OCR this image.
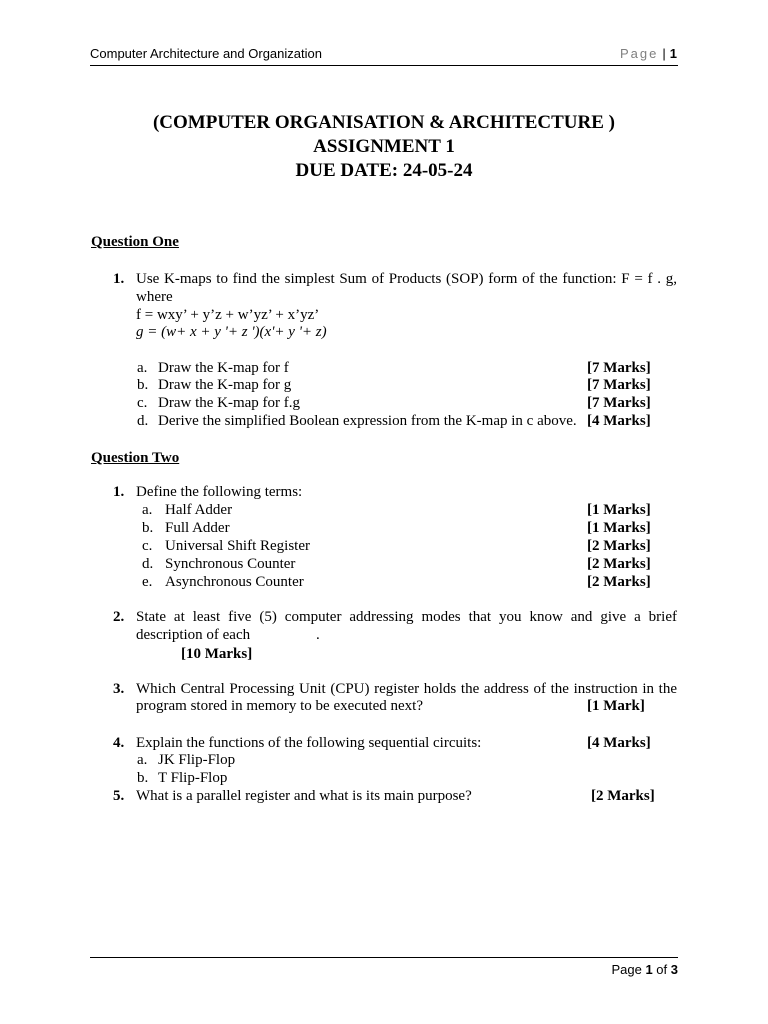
Computer Architecture and Organization	Page | 1
(COMPUTER ORGANISATION & ARCHITECTURE )
ASSIGNMENT 1
DUE DATE: 24-05-24
Question One
1. Use K-maps to find the simplest Sum of Products (SOP) form of the function: F = f . g,
where
f = wxy’ + y’z + w’yz’ + x’yz’
g = (w+ x + y '+ z ')(x'+ y '+ z)
a. Draw the K-map for f	[7 Marks]
b. Draw the K-map for g	[7 Marks]
c. Draw the K-map for f.g	[7 Marks]
d. Derive the simplified Boolean expression from the K-map in c above. [4 Marks]
Question Two
1. Define the following terms:
a. Half Adder	[1 Marks]
b. Full Adder	[1 Marks]
c. Universal Shift Register	[2 Marks]
d. Synchronous Counter	[2 Marks]
e. Asynchronous Counter	[2 Marks]
2. State at least five (5) computer addressing modes that you know and give a brief
description of each	.
[10 Marks]
3. Which Central Processing Unit (CPU) register holds the address of the instruction in the
program stored in memory to be executed next?	[1 Mark]
4. Explain the functions of the following sequential circuits:	[4 Marks]
a. JK Flip-Flop
b. T Flip-Flop
5. What is a parallel register and what is its main purpose?	[2 Marks]
Page 1 of 3
